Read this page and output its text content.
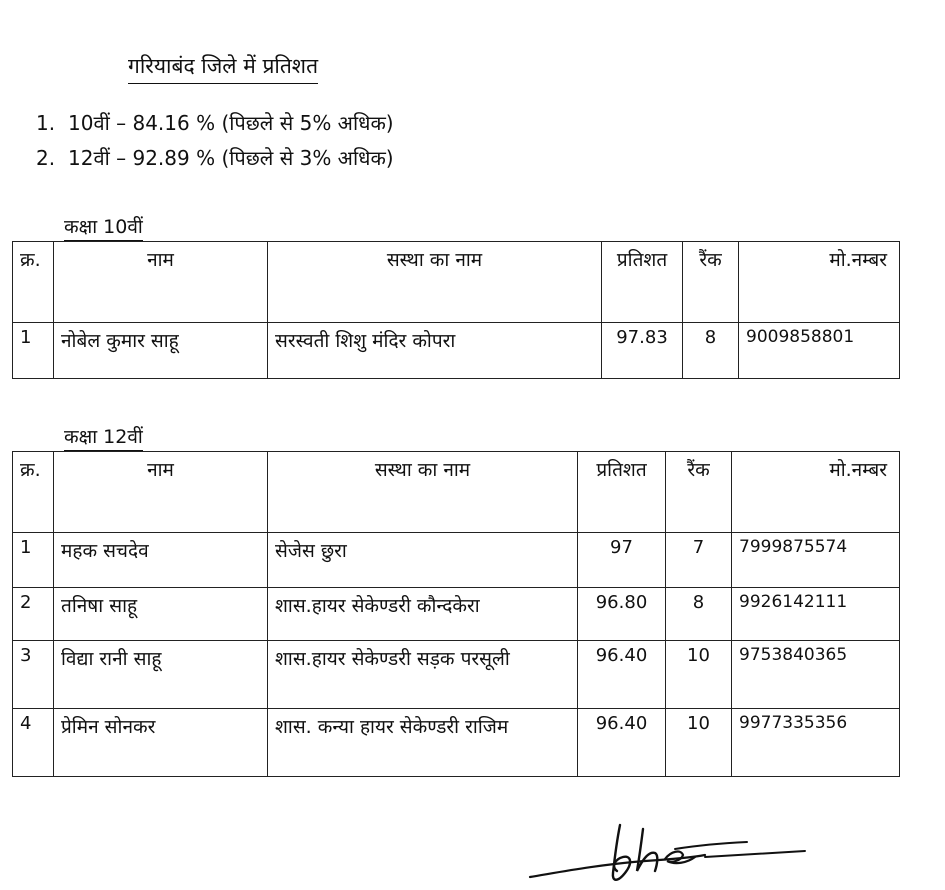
गरियाबंद जिले में प्रतिशत
1. 10वीं – 84.16 % (पिछले से 5% अधिक)
2. 12वीं – 92.89 % (पिछले से 3% अधिक)
कक्षा 10वीं
क्र.	नाम	सस्था का नाम	प्रतिशत	रैंक	मो.नम्बर
1	नोबेल कुमार साहू	सरस्वती शिशु मंदिर कोपरा	97.83	8	9009858801
कक्षा 12वीं
क्र.	नाम	सस्था का नाम	प्रतिशत	रैंक	मो.नम्बर
1	महक सचदेव	सेजेस छुरा	97	7	7999875574
2	तनिषा साहू	शास.हायर सेकेण्डरी कौन्दकेरा	96.80	8	9926142111
3	विद्या रानी साहू	शास.हायर सेकेण्डरी सड़क परसूली	96.40	10	9753840365
4	प्रेमिन सोनकर	शास. कन्या हायर सेकेण्डरी राजिम	96.40	10	9977335356
